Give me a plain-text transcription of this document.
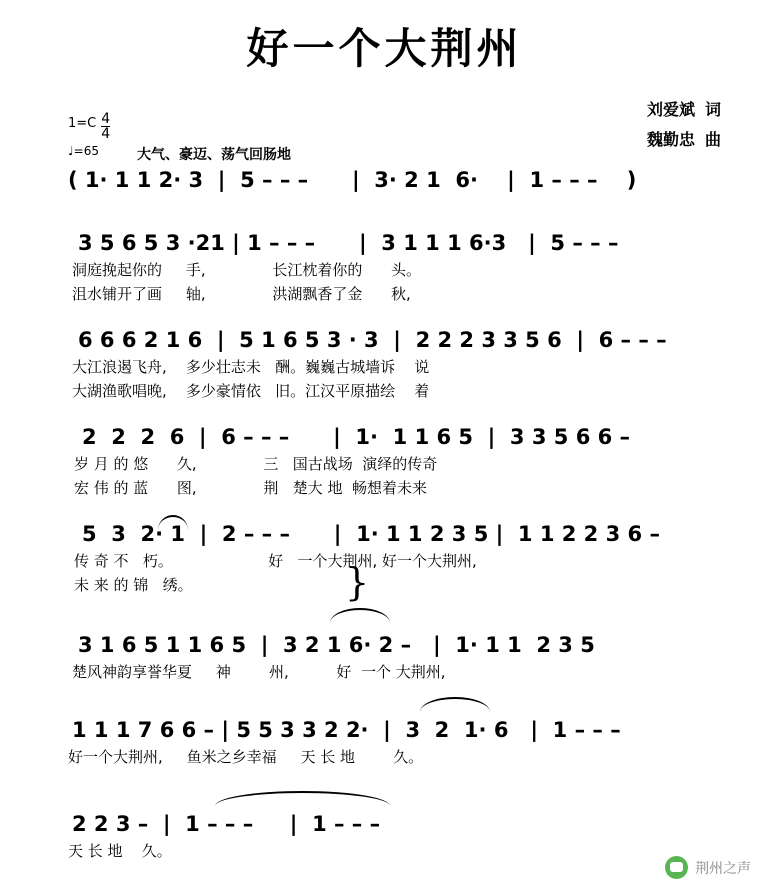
好一个大荆州
刘爱斌 词
魏勤忠 曲
$1=C \frac{4}{4}$
♩=65	大气、豪迈、荡气回肠地
( 1· 1 1 2· 3  |  5 – – –      |  3· 2 1  6·    |  1 – – –    )
3 5 6 5 3 ·21 | 1 – – –      |  3 1 1 1 6·3   |  5 – – –
洞庭挽起你的     手,              长江枕着你的      头。
沮水铺开了画     轴,              洪湖飘香了金      秋,
6 6 6 2 1 6  |  5 1 6 5 3 · 3  |  2 2 2 3 3 5 6  |  6 – – –
大江浪遏飞舟,    多少壮志未   酬。巍巍古城墙诉    说
大湖渔歌唱晚,    多少豪情依   旧。江汉平原描绘    着
2  2  2  6  |  6 – – –      |  1·  1 1 6 5  |  3 3 5 6 6 –
岁 月 的 悠      久,              三   国古战场  演绎的传奇
宏 伟 的 蓝      图,              荆   楚大 地  畅想着未来
5  3  2· 1  |  2 – – –      |  1· 1 1 2 3 5 |  1 1 2 2 3 6 –
传 奇 不   朽。                    好   一个大荆州, 好一个大荆州,
未 来 的 锦   绣。	}
3 1 6 5 1 1 6 5  |  3 2 1 6· 2 –   |  1· 1 1  2 3 5
楚风神韵享誉华夏     神        州,          好  一个 大荆州,
1 1 1 7 6 6 – | 5 5 3 3 2 2·  |  3  2  1· 6   |  1 – – –
好一个大荆州,     鱼米之乡幸福     天 长 地        久。
2 2 3 –  |  1 – – –     |  1 – – –
天 长 地    久。
荆州之声
